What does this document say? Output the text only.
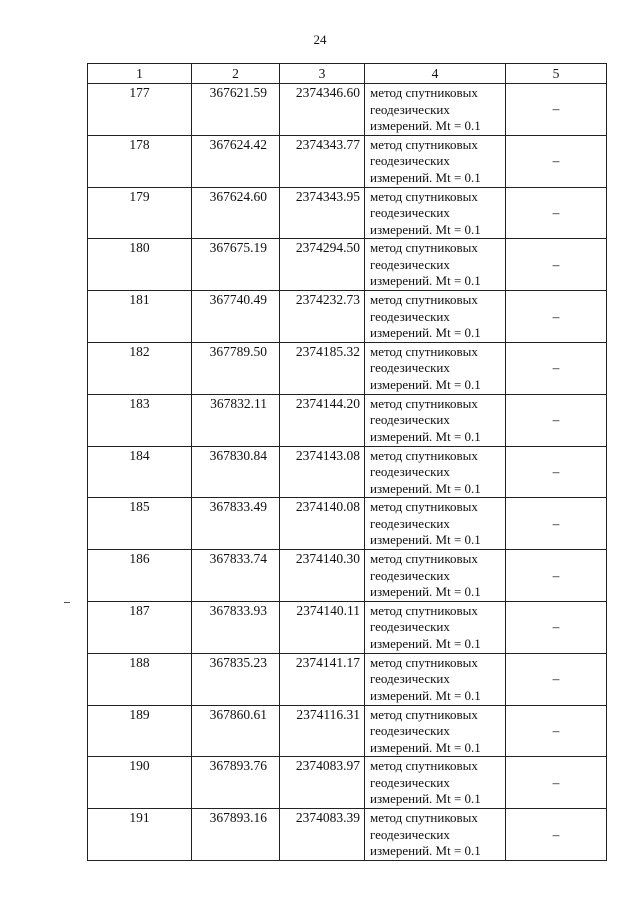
24
1	2	3	4	5
177	367621.59	2374346.60	метод спутниковых
геодезических
измерений. Mt = 0.1	–
178	367624.42	2374343.77	метод спутниковых
геодезических
измерений. Mt = 0.1	–
179	367624.60	2374343.95	метод спутниковых
геодезических
измерений. Mt = 0.1	–
180	367675.19	2374294.50	метод спутниковых
геодезических
измерений. Mt = 0.1	–
181	367740.49	2374232.73	метод спутниковых
геодезических
измерений. Mt = 0.1	–
182	367789.50	2374185.32	метод спутниковых
геодезических
измерений. Mt = 0.1	–
183	367832.11	2374144.20	метод спутниковых
геодезических
измерений. Mt = 0.1	–
184	367830.84	2374143.08	метод спутниковых
геодезических
измерений. Mt = 0.1	–
185	367833.49	2374140.08	метод спутниковых
геодезических
измерений. Mt = 0.1	–
186	367833.74	2374140.30	метод спутниковых
геодезических
измерений. Mt = 0.1	–
187	367833.93	2374140.11	метод спутниковых
геодезических
измерений. Mt = 0.1	–
188	367835.23	2374141.17	метод спутниковых
геодезических
измерений. Mt = 0.1	–
189	367860.61	2374116.31	метод спутниковых
геодезических
измерений. Mt = 0.1	–
190	367893.76	2374083.97	метод спутниковых
геодезических
измерений. Mt = 0.1	–
191	367893.16	2374083.39	метод спутниковых
геодезических
измерений. Mt = 0.1	–
